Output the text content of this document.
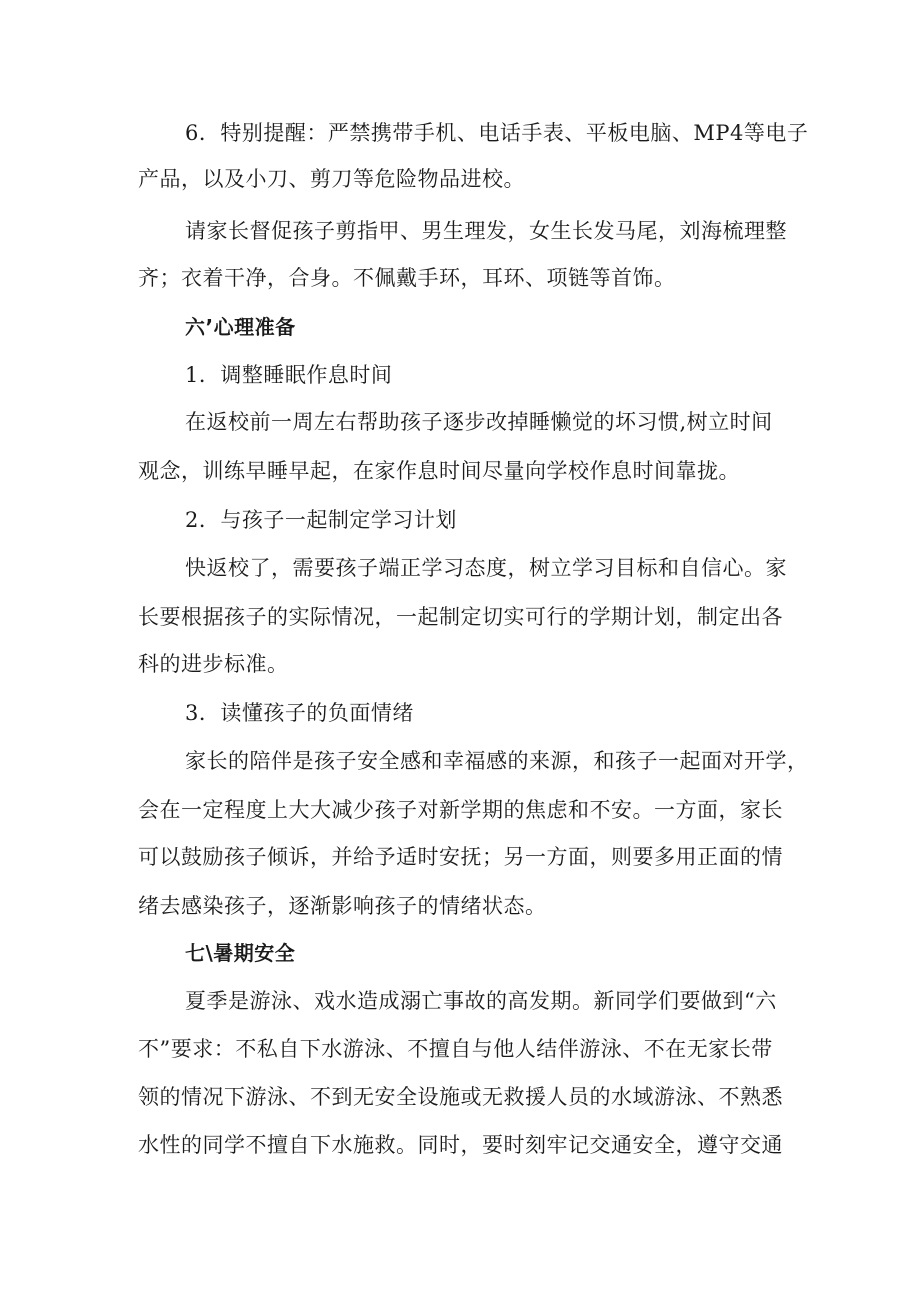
6．特别提醒：严禁携带手机、电话手表、平板电脑、MP4等电子
产品，以及小刀、剪刀等危险物品进校。
请家长督促孩子剪指甲、男生理发，女生长发马尾，刘海梳理整
齐；衣着干净，合身。不佩戴手环，耳环、项链等首饰。
六’心理准备
1．调整睡眠作息时间
在返校前一周左右帮助孩子逐步改掉睡懒觉的坏习惯,树立时间
观念，训练早睡早起，在家作息时间尽量向学校作息时间靠拢。
2．与孩子一起制定学习计划
快返校了，需要孩子端正学习态度，树立学习目标和自信心。家
长要根据孩子的实际情况，一起制定切实可行的学期计划，制定出各
科的进步标准。
3．读懂孩子的负面情绪
家长的陪伴是孩子安全感和幸福感的来源，和孩子一起面对开学，
会在一定程度上大大减少孩子对新学期的焦虑和不安。一方面，家长
可以鼓励孩子倾诉，并给予适时安抚；另一方面，则要多用正面的情
绪去感染孩子，逐渐影响孩子的情绪状态。
七\暑期安全
夏季是游泳、戏水造成溺亡事故的高发期。新同学们要做到“六
不”要求：不私自下水游泳、不擅自与他人结伴游泳、不在无家长带
领的情况下游泳、不到无安全设施或无救援人员的水域游泳、不熟悉
水性的同学不擅自下水施救。同时，要时刻牢记交通安全，遵守交通
